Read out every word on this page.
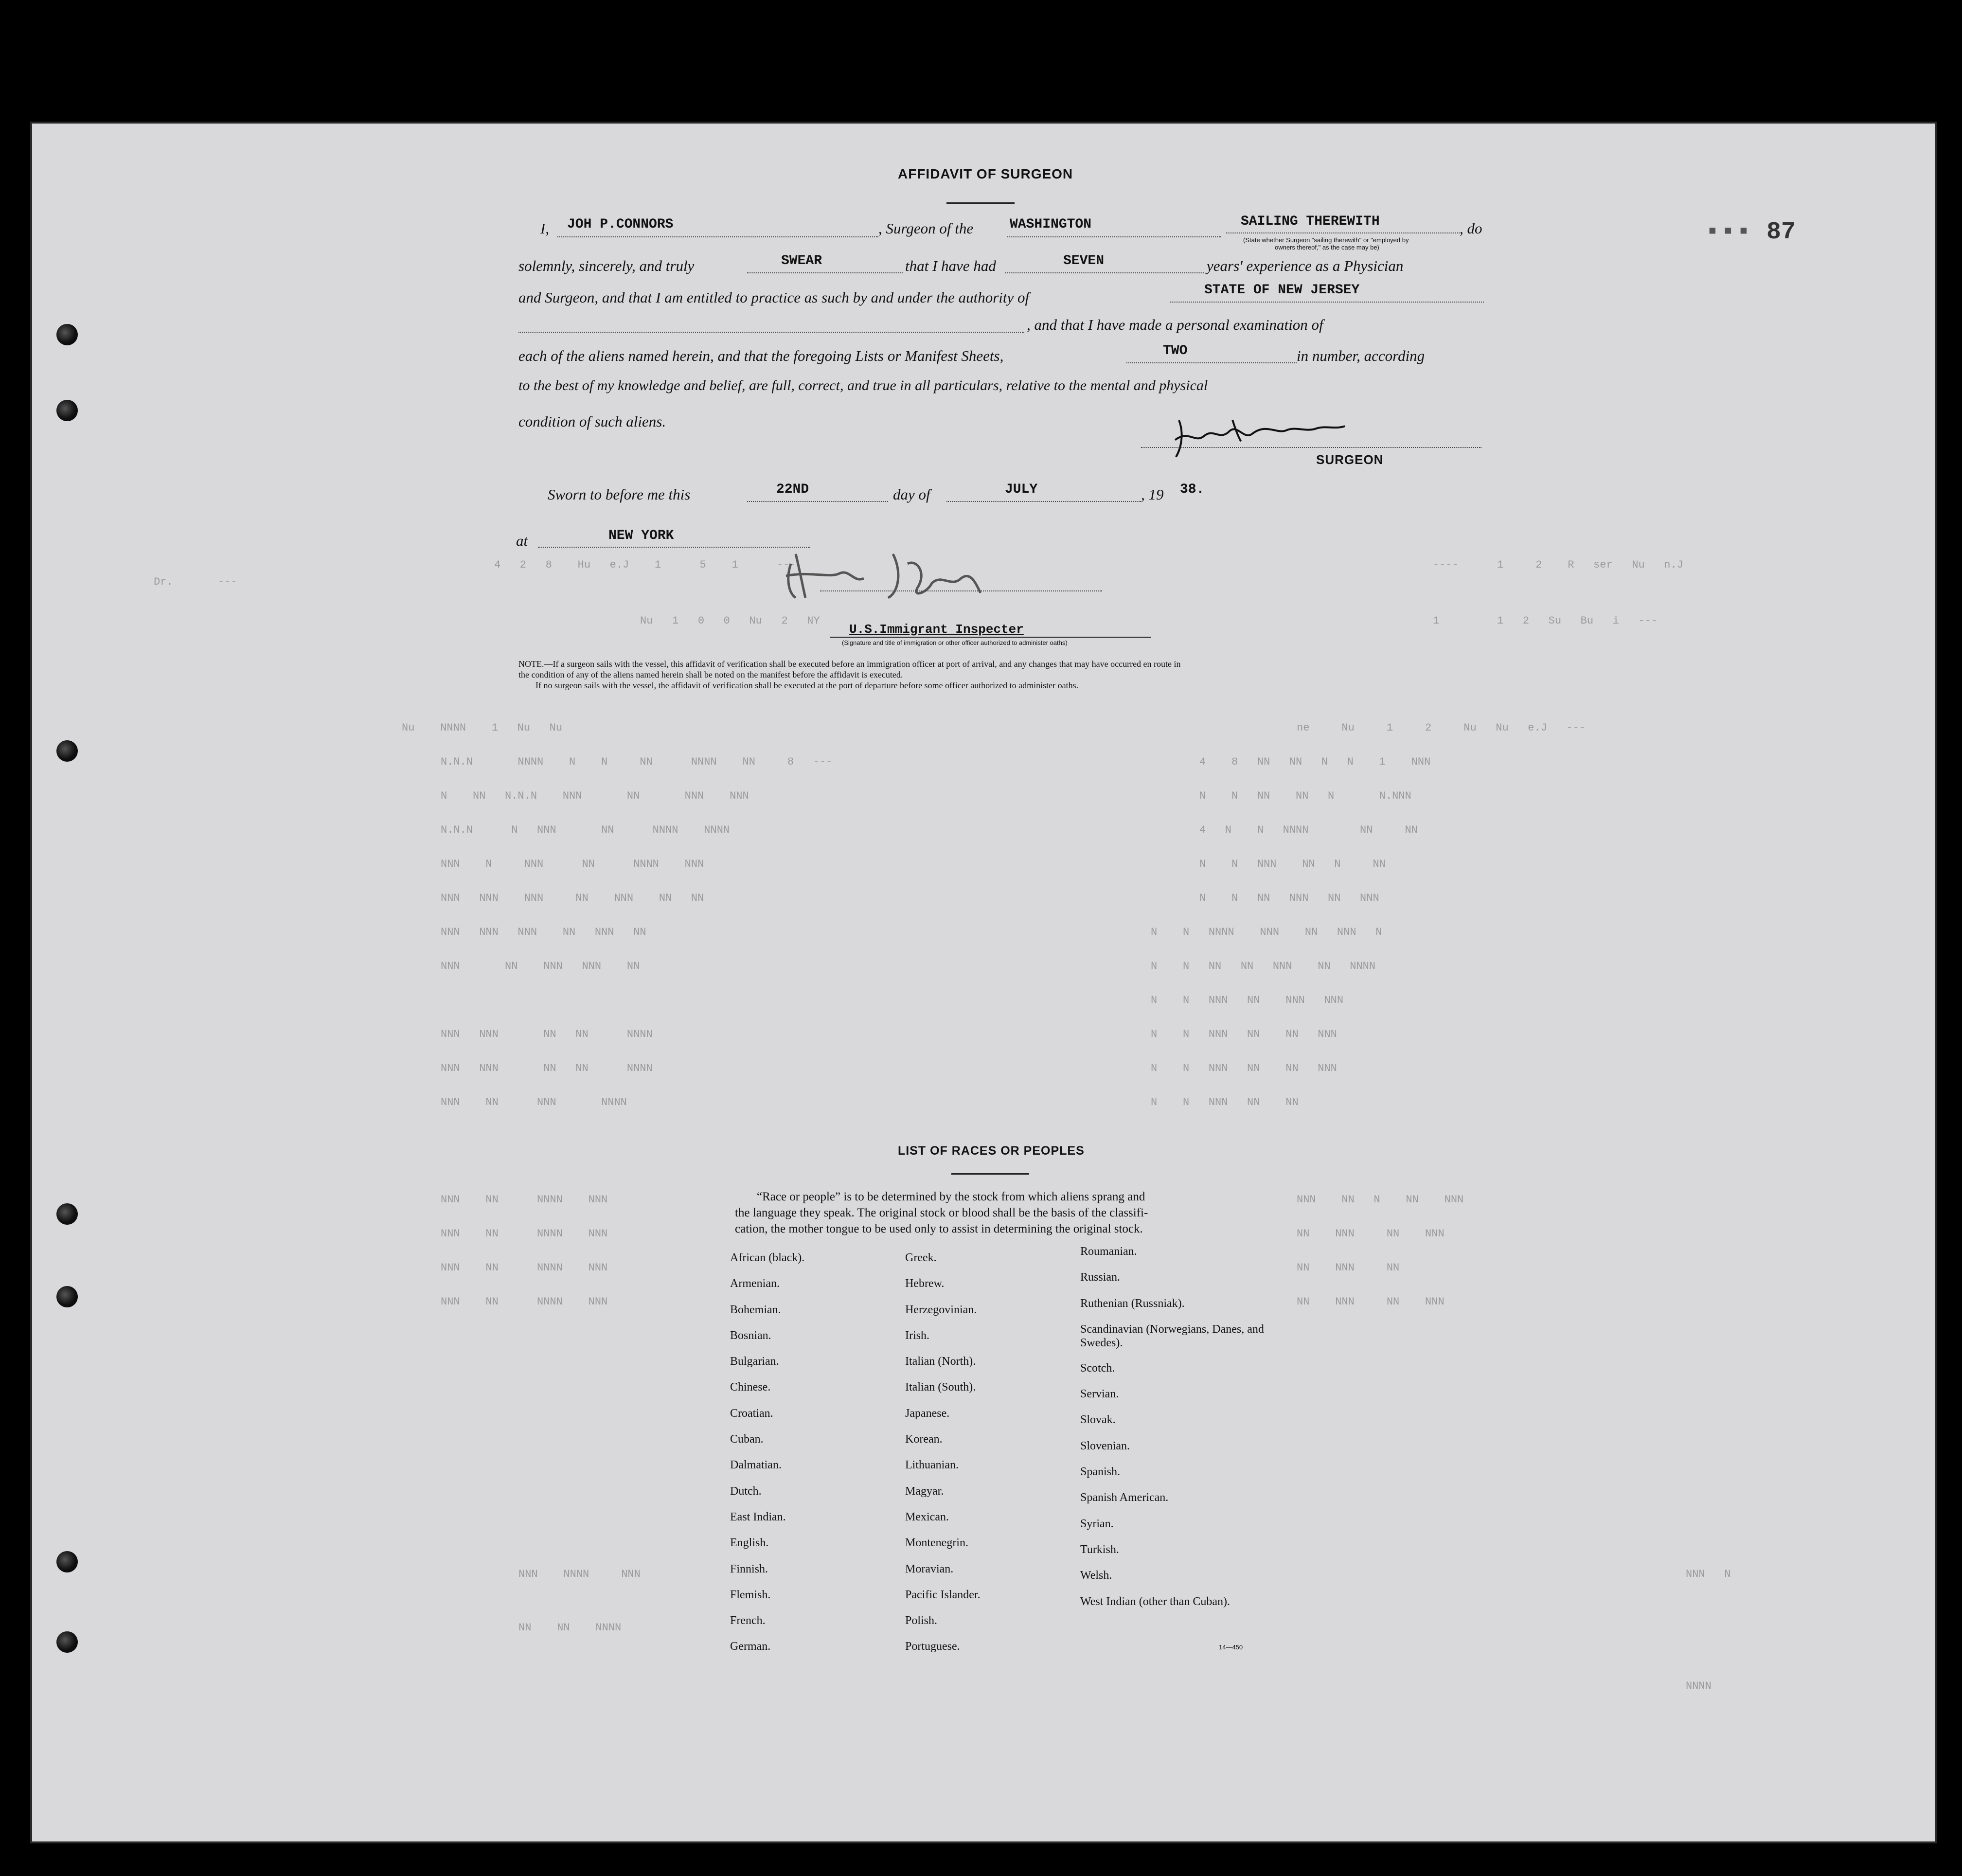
Dr.       ---
4   2   8    Hu   e.J    1      5    1      ---	----      1     2    R   ser   Nu   n.J
Nu   1   0   0   Nu   2   NY	1         1   2   Su   Bu   i   ---
ne     Nu     1     2     Nu   Nu   e.J   ---
Nu    NNNN    1   Nu   Nu
N.N.N       NNNN    N    N     NN      NNNN    NN     8   ---	4    8   NN   NN   N   N    1    NNN
N    NN   N.N.N    NNN       NN       NNN    NNN	N    N   NN    NN   N       N.NNN
N.N.N      N   NNN       NN      NNNN    NNNN	4   N    N   NNNN        NN     NN
NNN    N     NNN      NN      NNNN    NNN	N    N   NNN    NN   N     NN
NNN   NNN    NNN     NN    NNN    NN   NN	N    N   NN   NNN   NN   NNN
NNN   NNN   NNN    NN   NNN   NN	N    N   NNNN    NNN    NN   NNN   N
NNN       NN    NNN   NNN    NN	N    N   NN   NN   NNN    NN   NNNN
N    N   NNN   NN    NNN   NNN
NNN   NNN       NN   NN      NNNN	N    N   NNN   NN    NN   NNN
NNN   NNN       NN   NN      NNNN	N    N   NNN   NN    NN   NNN
NNN    NN      NNN       NNNN	N    N   NNN   NN    NN
NNN    NN      NNNN    NNN
NNN    NN      NNNN    NNN
NNN    NN      NNNN    NNN
NNN    NN      NNNN    NNN
NNN    NN   N    NN    NNN
NN    NNN     NN    NNN
NN    NNN     NN
NN    NNN     NN    NNN
NNN    NNNN     NNN
NN    NN    NNNN
NNN   N
NNNN
▪▪▪ 87
AFFIDAVIT OF SURGEON
I, JOH P.CONNORS	, Surgeon of the	WASHINGTON	SAILING THEREWITH	, do
(State whether Surgeon "sailing therewith" or "employed by
owners thereof," as the case may be)
solemnly, sincerely, and truly	SWEAR	that I have had	SEVEN	years' experience as a Physician
and Surgeon, and that I am entitled to practice as such by and under the authority of	STATE OF NEW JERSEY
, and that I have made a personal examination of
each of the aliens named herein, and that the foregoing Lists or Manifest Sheets,	TWO	in number, according
to the best of my knowledge and belief, are full, correct, and true in all particulars, relative to the mental and physical
condition of such aliens.
SURGEON
Sworn to before me this	22ND	day of	JULY	, 19 38.
at	NEW YORK
U.S.Immigrant Inspecter
(Signature and title of immigration or other officer authorized to administer oaths)
NOTE.—If a surgeon sails with the vessel, this affidavit of verification shall be executed before an immigration officer at port of arrival, and any changes that may have occurred en route in
the condition of any of the aliens named herein shall be noted on the manifest before the affidavit is executed.
If no surgeon sails with the vessel, the affidavit of verification shall be executed at the port of departure before some officer authorized to administer oaths.
LIST OF RACES OR PEOPLES
“Race or people” is to be determined by the stock from which aliens sprang and
the language they speak. The original stock or blood shall be the basis of the classifi-
cation, the mother tongue to be used only to assist in determining the original stock.
African (black).
Armenian.
Bohemian.
Bosnian.
Bulgarian.
Chinese.
Croatian.
Cuban.
Dalmatian.
Dutch.
East Indian.
English.
Finnish.
Flemish.
French.
German.
Greek.
Hebrew.
Herzegovinian.
Irish.
Italian (North).
Italian (South).
Japanese.
Korean.
Lithuanian.
Magyar.
Mexican.
Montenegrin.
Moravian.
Pacific Islander.
Polish.
Portuguese.
Roumanian.
Russian.
Ruthenian (Russniak).
Scandinavian (Norwegians, Danes, and Swedes).
Scotch.
Servian.
Slovak.
Slovenian.
Spanish.
Spanish American.
Syrian.
Turkish.
Welsh.
West Indian (other than Cuban).
14—450
